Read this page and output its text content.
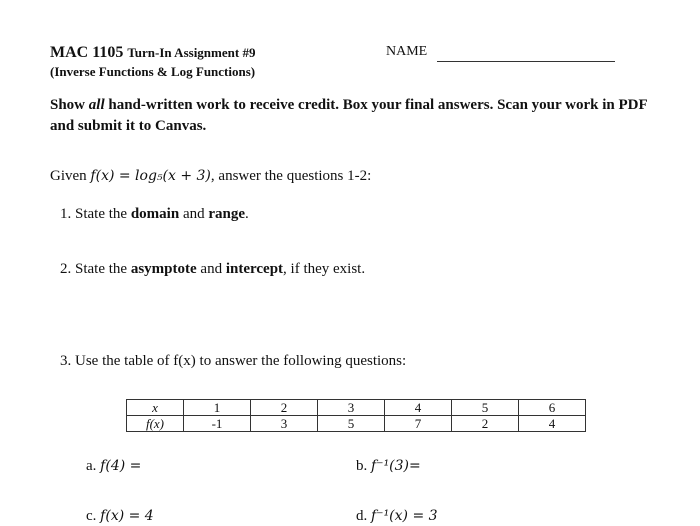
MAC 1105 Turn-In Assignment #9
(Inverse Functions & Log Functions)
NAME
Show all hand-written work to receive credit. Box your final answers. Scan your work in PDF and submit it to Canvas.
Given f(x) = log₅(x + 3), answer the questions 1-2:
1. State the domain and range.
2. State the asymptote and intercept, if they exist.
3. Use the table of f(x) to answer the following questions:
x	1	2	3	4	5	6
f(x)	-1	3	5	7	2	4
a. f(4) =	b. f⁻¹(3)=
c. f(x) = 4	d. f⁻¹(x) = 3
